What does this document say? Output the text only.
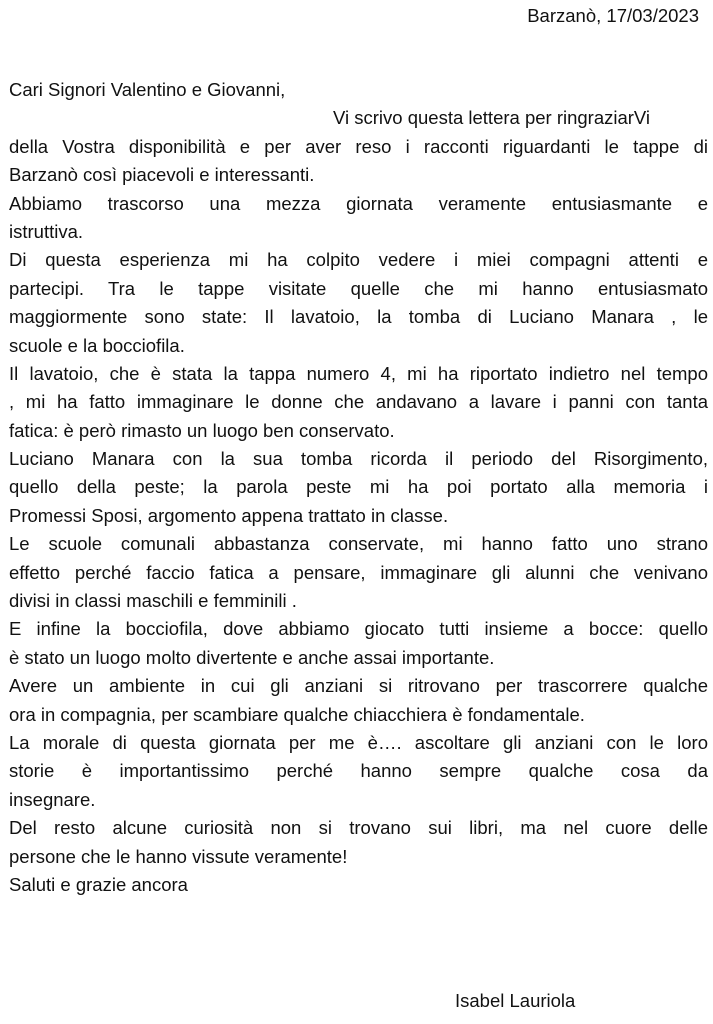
Barzanò, 17/03/2023
Cari Signori Valentino e Giovanni,
Vi scrivo questa lettera per ringraziarVi
della Vostra disponibilità e per aver reso i racconti riguardanti le tappe di
Barzanò così piacevoli e interessanti.
Abbiamo trascorso una mezza giornata veramente entusiasmante e
istruttiva.
Di questa esperienza mi ha colpito vedere i miei compagni attenti e
partecipi. Tra le tappe visitate quelle che mi hanno entusiasmato
maggiormente sono state: Il lavatoio, la tomba di Luciano Manara , le
scuole e la bocciofila.
Il lavatoio, che è stata la tappa numero 4, mi ha riportato indietro nel tempo
, mi ha fatto immaginare le donne che andavano a lavare i panni con tanta
fatica: è però rimasto un luogo ben conservato.
Luciano Manara con la sua tomba ricorda il periodo del Risorgimento,
quello della peste; la parola peste mi ha poi portato alla memoria i
Promessi Sposi, argomento appena trattato in classe.
Le scuole comunali abbastanza conservate, mi hanno fatto uno strano
effetto perché faccio fatica a pensare, immaginare gli alunni che venivano
divisi in classi maschili e femminili .
E infine la bocciofila, dove abbiamo giocato tutti insieme a bocce: quello
è stato un luogo molto divertente e anche assai importante.
Avere un ambiente in cui gli anziani si ritrovano per trascorrere qualche
ora in compagnia, per scambiare qualche chiacchiera è fondamentale.
La morale di questa giornata per me è…. ascoltare gli anziani con le loro
storie è importantissimo perché hanno sempre qualche cosa da
insegnare.
Del resto alcune curiosità non si trovano sui libri, ma nel cuore delle
persone che le hanno vissute veramente!
Saluti e grazie ancora
Isabel Lauriola
